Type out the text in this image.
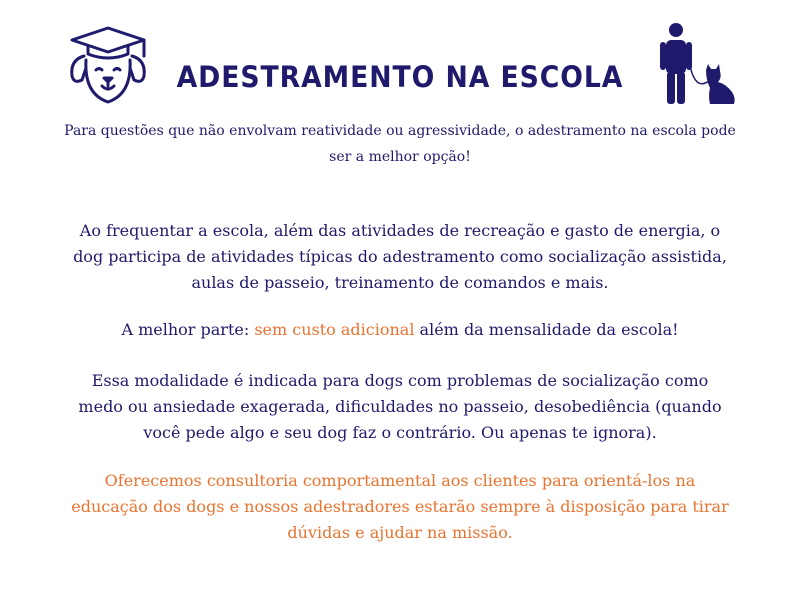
ADESTRAMENTO NA ESCOLA
Para questões que não envolvam reatividade ou agressividade, o adestramento na escola pode ser a melhor opção!

Ao frequentar a escola, além das atividades de recreação e gasto de energia, o dog participa de atividades típicas do adestramento como socialização assistida, aulas de passeio, treinamento de comandos e mais.

A melhor parte: sem custo adicional além da mensalidade da escola!

Essa modalidade é indicada para dogs com problemas de socialização como medo ou ansiedade exagerada, dificuldades no passeio, desobediência (quando você pede algo e seu dog faz o contrário. Ou apenas te ignora).

Oferecemos consultoria comportamental aos clientes para orientá-los na educação dos dogs e nossos adestradores estarão sempre à disposição para tirar dúvidas e ajudar na missão.
